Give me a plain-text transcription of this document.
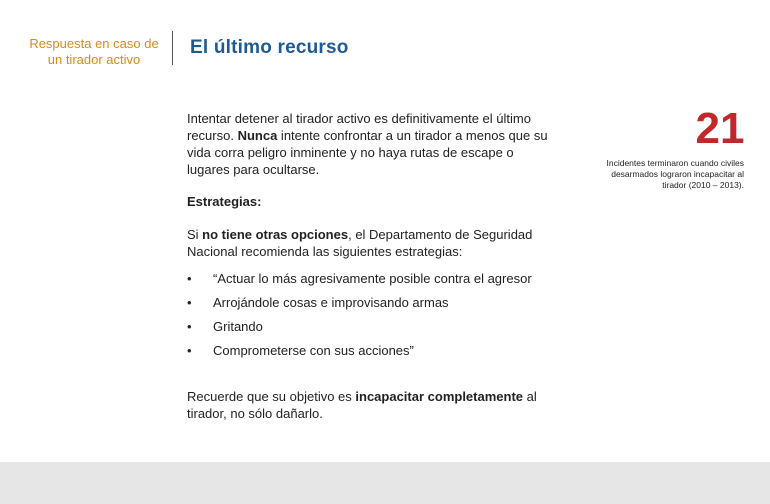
Respuesta en caso de un tirador activo
El último recurso

Intentar detener al tirador activo es definitivamente el último recurso. Nunca intente confrontar a un tirador a menos que su vida corra peligro inminente y no haya rutas de escape o lugares para ocultarse.

Estrategias:

Si no tiene otras opciones, el Departamento de Seguridad Nacional recomienda las siguientes estrategias:

•	“Actuar lo más agresivamente posible contra el agresor
•	Arrojándole cosas e improvisando armas
•	Gritando
•	Comprometerse con sus acciones”

Recuerde que su objetivo es incapacitar completamente al tirador, no sólo dañarlo.

21
Incidentes terminaron cuando civiles desarmados lograron incapacitar al tirador (2010 – 2013).
